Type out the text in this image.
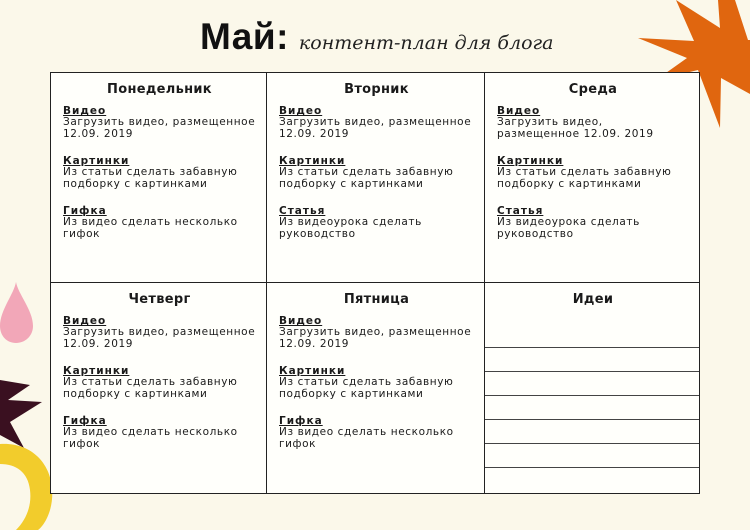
Май: контент-план для блога
Понедельник
Видео
Загрузить видео, размещенное 12.09. 2019
Картинки
Из статьи сделать забавную подборку с картинками
Гифка
Из видео сделать несколько гифок
Вторник
Видео
Загрузить видео, размещенное 12.09. 2019
Картинки
Из статьи сделать забавную подборку с картинками
Статья
Из видеоурока сделать руководство
Среда
Видео
Загрузить видео, размещенное 12.09. 2019
Картинки
Из статьи сделать забавную подборку с картинками
Статья
Из видеоурока сделать руководство
Четверг
Видео
Загрузить видео, размещенное 12.09. 2019
Картинки
Из статьи сделать забавную подборку с картинками
Гифка
Из видео сделать несколько гифок
Пятница
Видео
Загрузить видео, размещенное 12.09. 2019
Картинки
Из статьи сделать забавную подборку с картинками
Гифка
Из видео сделать несколько гифок
Идеи
